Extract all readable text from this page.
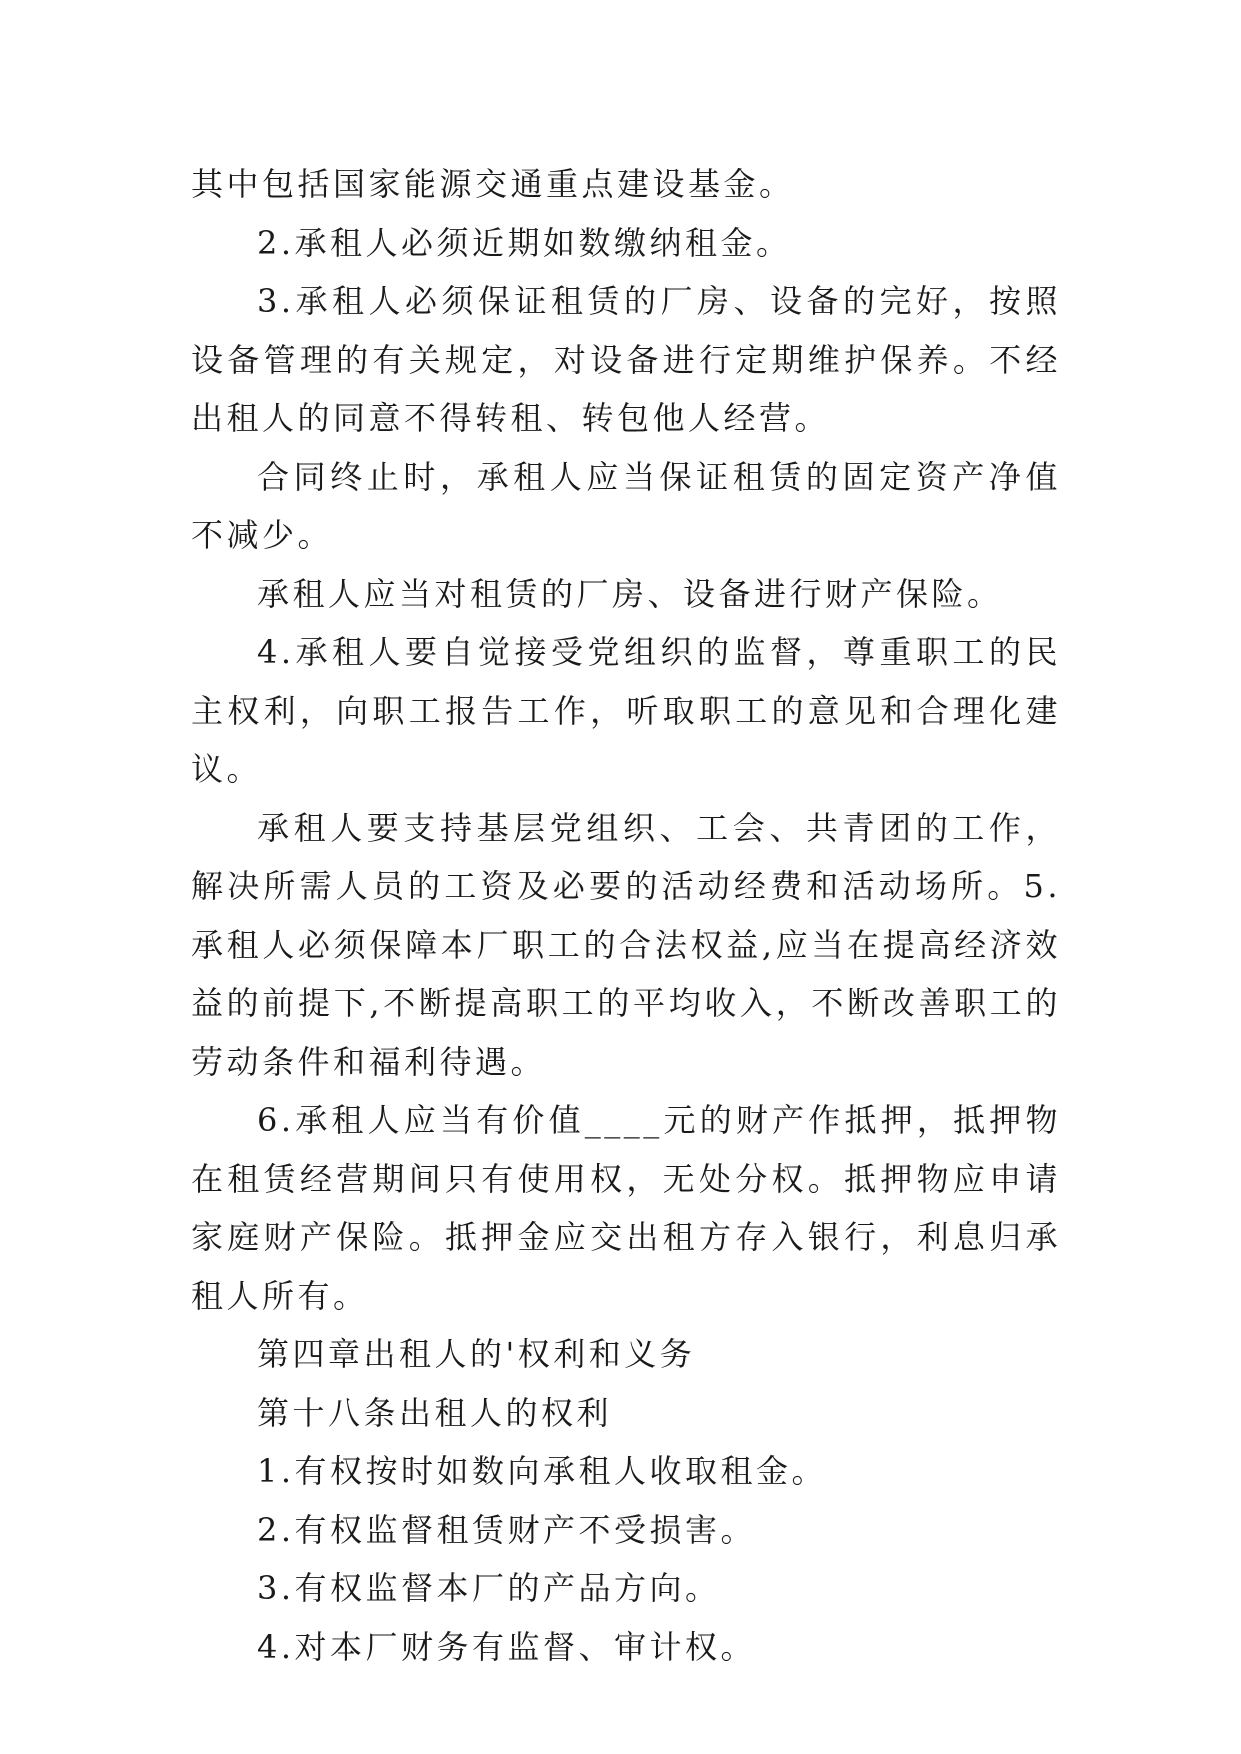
其中包括国家能源交通重点建设基金。

2.承租人必须近期如数缴纳租金。

3.承租人必须保证租赁的厂房、设备的完好，按照设备管理的有关规定，对设备进行定期维护保养。不经出租人的同意不得转租、转包他人经营。

合同终止时，承租人应当保证租赁的固定资产净值不减少。

承租人应当对租赁的厂房、设备进行财产保险。

4.承租人要自觉接受党组织的监督，尊重职工的民主权利，向职工报告工作，听取职工的意见和合理化建议。

承租人要支持基层党组织、工会、共青团的工作，解决所需人员的工资及必要的活动经费和活动场所。5.承租人必须保障本厂职工的合法权益,应当在提高经济效益的前提下,不断提高职工的平均收入，不断改善职工的劳动条件和福利待遇。

6.承租人应当有价值____元的财产作抵押，抵押物在租赁经营期间只有使用权，无处分权。抵押物应申请家庭财产保险。抵押金应交出租方存入银行，利息归承租人所有。

第四章出租人的'权利和义务

第十八条出租人的权利

1.有权按时如数向承租人收取租金。

2.有权监督租赁财产不受损害。

3.有权监督本厂的产品方向。

4.对本厂财务有监督、审计权。
